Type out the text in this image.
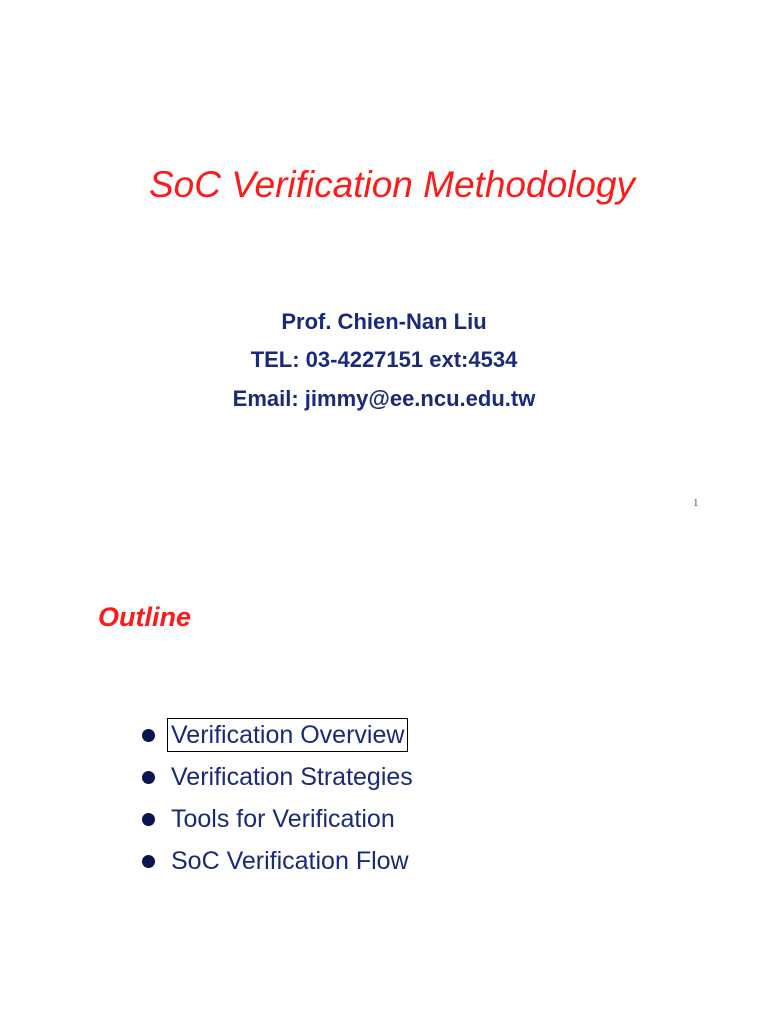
SoC Verification Methodology
Prof. Chien-Nan Liu
TEL: 03-4227151 ext:4534
Email: jimmy@ee.ncu.edu.tw
1
Outline
Verification Overview
Verification Strategies
Tools for Verification
SoC Verification Flow
